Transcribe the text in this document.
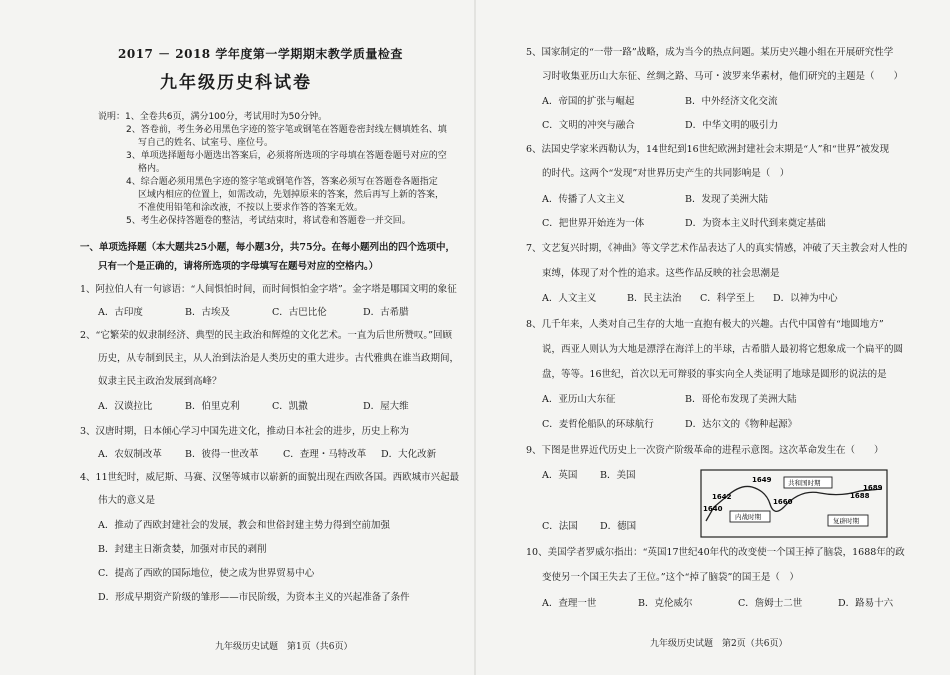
2017 － 2018 学年度第一学期期末教学质量检查
九年级历史科试卷
说明：1、全卷共6页，满分100分，考试用时为50分钟。
2、答卷前，考生务必用黑色字迹的签字笔或钢笔在答题卷密封线左侧填姓名、填
写自己的姓名、试室号、座位号。
3、单项选择题每小题选出答案后，必须将所选项的字母填在答题卷题号对应的空
格内。
4、综合题必须用黑色字迹的签字笔或钢笔作答，答案必须写在答题卷各题指定
区域内相应的位置上，如需改动，先划掉原来的答案，然后再写上新的答案，
不准使用铅笔和涂改液，不按以上要求作答的答案无效。
5、考生必保持答题卷的整洁，考试结束时，将试卷和答题卷一并交回。
一、单项选择题（本大题共25小题，每小题3分，共75分。在每小题列出的四个选项中，
只有一个是正确的，请将所选项的字母填写在题号对应的空格内。）
1、阿拉伯人有一句谚语：“人间惧怕时间，而时间惧怕金字塔”。金字塔是哪国文明的象征
A．古印度	B．古埃及	C．古巴比伦	D．古希腊
2、“它繁荣的奴隶制经济、典型的民主政治和辉煌的文化艺术。一直为后世所赞叹。”回顾
历史，从专制到民主，从人治到法治是人类历史的重大进步。古代雅典在谁当政期间，
奴隶主民主政治发展到高峰？
A．汉谟拉比	B．伯里克利	C．凯撒	D．屋大维
3、汉唐时期，日本倾心学习中国先进文化，推动日本社会的进步，历史上称为
A．农奴制改革 B．彼得一世改革	C．查理・马特改革 D．大化改新
4、11世纪时，威尼斯、马赛、汉堡等城市以崭新的面貌出现在西欧各国。西欧城市兴起最
伟大的意义是
A．推动了西欧封建社会的发展，教会和世俗封建主势力得到空前加强
B．封建主日渐贪婪，加强对市民的剥削
C．提高了西欧的国际地位，使之成为世界贸易中心
D．形成早期资产阶级的雏形——市民阶级，为资本主义的兴起准备了条件
九年级历史试题　第1页（共6页）
5、国家制定的“一带一路”战略，成为当今的热点问题。某历史兴趣小组在开展研究性学
习时收集亚历山大东征、丝绸之路、马可・波罗来华素材，他们研究的主题是（　　）
A．帝国的扩张与崛起	B．中外经济文化交流
C．文明的冲突与融合	D．中华文明的吸引力
6、法国史学家米西勒认为，14世纪到16世纪欧洲封建社会末期是“人”和“世界”被发现
的时代。这两个“发现”对世界历史产生的共同影响是（　）
A．传播了人文主义	B．发现了美洲大陆
C．把世界开始连为一体	D．为资本主义时代到来奠定基础
7、文艺复兴时期，《神曲》等文学艺术作品表达了人的真实情感，冲破了天主教会对人性的
束缚，体现了对个性的追求。这些作品反映的社会思潮是
A．人文主义	B．民主法治 C．科学至上 D．以神为中心
8、几千年来，人类对自己生存的大地一直抱有极大的兴趣。古代中国曾有“地圆地方”
说，西亚人则认为大地是漂浮在海洋上的半球，古希腊人最初将它想象成一个扁平的圆
盘，等等。16世纪，首次以无可辩驳的事实向全人类证明了地球是圆形的说法的是
A．亚历山大东征	B．哥伦布发现了美洲大陆
C．麦哲伦船队的环球航行	D．达尔文的《物种起源》
9、下图是世界近代历史上一次资产阶级革命的进程示意图。这次革命发生在（　　）
A．英国 B．美国
C．法国 D．德国
1640
1642
1649
1660
1688
1689
共和国时期
内战时期	复辟时期
10、美国学者罗威尔指出：“英国17世纪40年代的改变使一个国王掉了脑袋，1688年的政
变使另一个国王失去了王位。”这个“掉了脑袋”的国王是（　）
A．查理一世	B．克伦威尔	C．詹姆士二世	D．路易十六
九年级历史试题　第2页（共6页）
